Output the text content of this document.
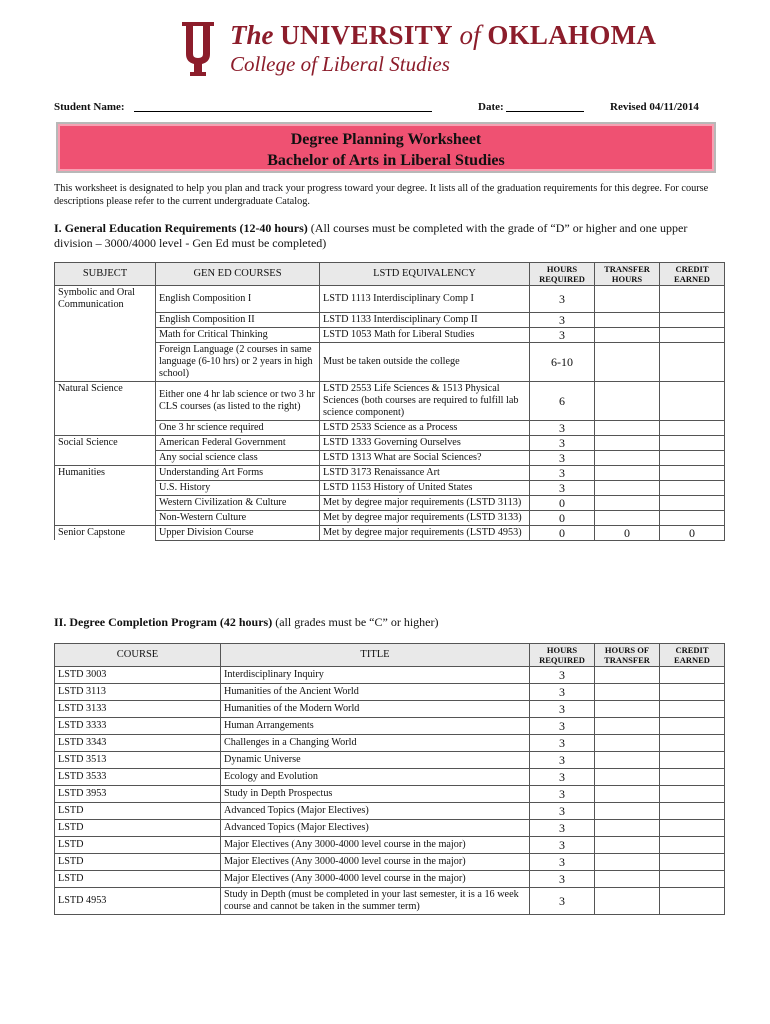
The UNIVERSITY of OKLAHOMA
College of Liberal Studies
Student Name:	Date:	Revised 04/11/2014
Degree Planning Worksheet
Bachelor of Arts in Liberal Studies
This worksheet is designated to help you plan and track your progress toward your degree. It lists all of the graduation requirements for this degree. For course descriptions please refer to the current undergraduate Catalog.
I. General Education Requirements (12-40 hours) (All courses must be completed with the grade of “D” or higher and one upper division – 3000/4000 level - Gen Ed must be completed)
SUBJECT	GEN ED COURSES	LSTD EQUIVALENCY	HOURS REQUIRED	TRANSFER HOURS	CREDIT EARNED
Symbolic and Oral Communication	English Composition I	LSTD 1113 Interdisciplinary Comp I	3		
	English Composition II	LSTD 1133 Interdisciplinary Comp II	3		
	Math for Critical Thinking	LSTD 1053 Math for Liberal Studies	3		
	Foreign Language (2 courses in same language (6-10 hrs) or 2 years in high school)	Must be taken outside the college	6-10		
Natural Science	Either one 4 hr lab science or two 3 hr CLS courses (as listed to the right)	LSTD 2553 Life Sciences & 1513 Physical Sciences (both courses are required to fulfill lab science component)	6		
	One 3 hr science required	LSTD 2533 Science as a Process	3		
Social Science	American Federal Government	LSTD 1333 Governing Ourselves	3		
	Any social science class	LSTD 1313 What are Social Sciences?	3		
Humanities	Understanding Art Forms	LSTD 3173 Renaissance Art	3		
	U.S. History	LSTD 1153 History of United States	3		
	Western Civilization & Culture	Met by degree major requirements (LSTD 3113)	0		
	Non-Western Culture	Met by degree major requirements (LSTD 3133)	0		
Senior Capstone	Upper Division Course	Met by degree major requirements (LSTD 4953)	0	0	0
II. Degree Completion Program (42 hours) (all grades must be “C” or higher)
COURSE	TITLE	HOURS REQUIRED	HOURS OF TRANSFER	CREDIT EARNED
LSTD 3003	Interdisciplinary Inquiry	3		
LSTD 3113	Humanities of the Ancient World	3		
LSTD 3133	Humanities of the Modern World	3		
LSTD 3333	Human Arrangements	3		
LSTD 3343	Challenges in a Changing World	3		
LSTD 3513	Dynamic Universe	3		
LSTD 3533	Ecology and Evolution	3		
LSTD 3953	Study in Depth Prospectus	3		
LSTD	Advanced Topics (Major Electives)	3		
LSTD	Advanced Topics (Major Electives)	3		
LSTD	Major Electives (Any 3000-4000 level course in the major)	3		
LSTD	Major Electives (Any 3000-4000 level course in the major)	3		
LSTD	Major Electives (Any 3000-4000 level course in the major)	3		
LSTD 4953	Study in Depth (must be completed in your last semester, it is a 16 week course and cannot be taken in the summer term)	3		
